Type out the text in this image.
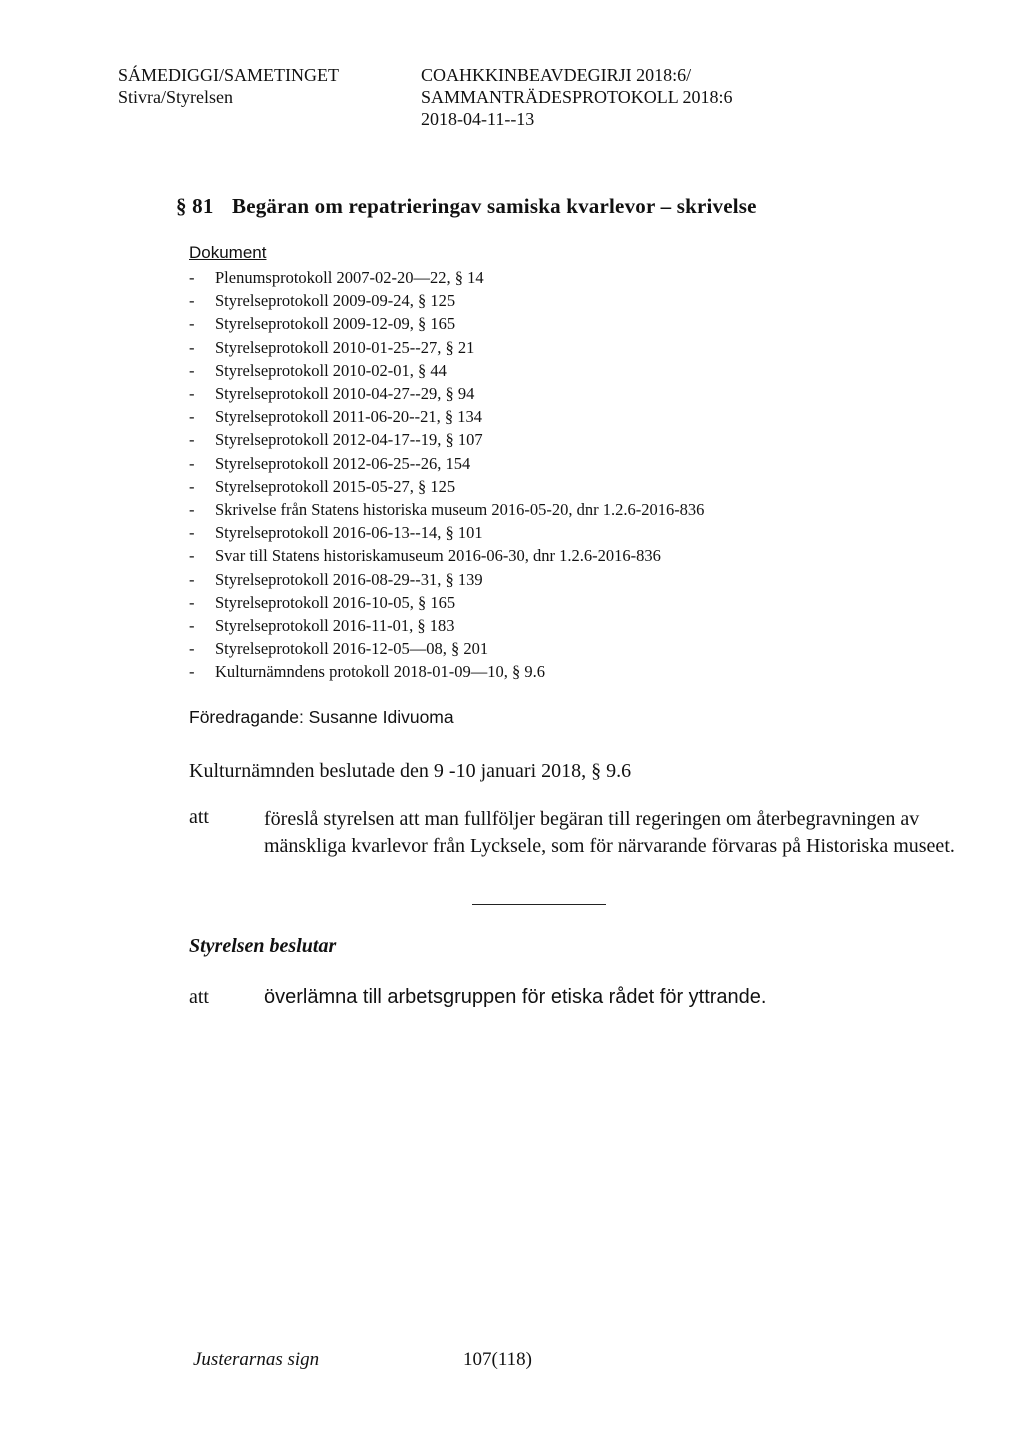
SÁMEDIGGI/SAMETINGET
Stivra/Styrelsen
COAHKKINBEAVDEGIRJI 2018:6/
SAMMANTRÄDESPROTOKOLL 2018:6
2018-04-11--13
§ 81 Begäran om repatrieringav samiska kvarlevor – skrivelse
Dokument
- Plenumsprotokoll 2007-02-20—22, § 14
- Styrelseprotokoll 2009-09-24, § 125
- Styrelseprotokoll 2009-12-09, § 165
- Styrelseprotokoll 2010-01-25--27, § 21
- Styrelseprotokoll 2010-02-01, § 44
- Styrelseprotokoll 2010-04-27--29, § 94
- Styrelseprotokoll 2011-06-20--21, § 134
- Styrelseprotokoll 2012-04-17--19, § 107
- Styrelseprotokoll 2012-06-25--26, 154
- Styrelseprotokoll 2015-05-27, § 125
- Skrivelse från Statens historiska museum 2016-05-20, dnr 1.2.6-2016-836
- Styrelseprotokoll 2016-06-13--14, § 101
- Svar till Statens historiskamuseum 2016-06-30, dnr 1.2.6-2016-836
- Styrelseprotokoll 2016-08-29--31, § 139
- Styrelseprotokoll 2016-10-05, § 165
- Styrelseprotokoll 2016-11-01, § 183
- Styrelseprotokoll 2016-12-05—08, § 201
- Kulturnämndens protokoll 2018-01-09—10, § 9.6
Föredragande: Susanne Idivuoma
Kulturnämnden beslutade den 9 -10 januari 2018, § 9.6
att	föreslå styrelsen att man fullföljer begäran till regeringen om återbegravningen av mänskliga kvarlevor från Lycksele, som för närvarande förvaras på Historiska museet.
Styrelsen beslutar
att	överlämna till arbetsgruppen för etiska rådet för yttrande.
Justerarnas sign	107(118)
